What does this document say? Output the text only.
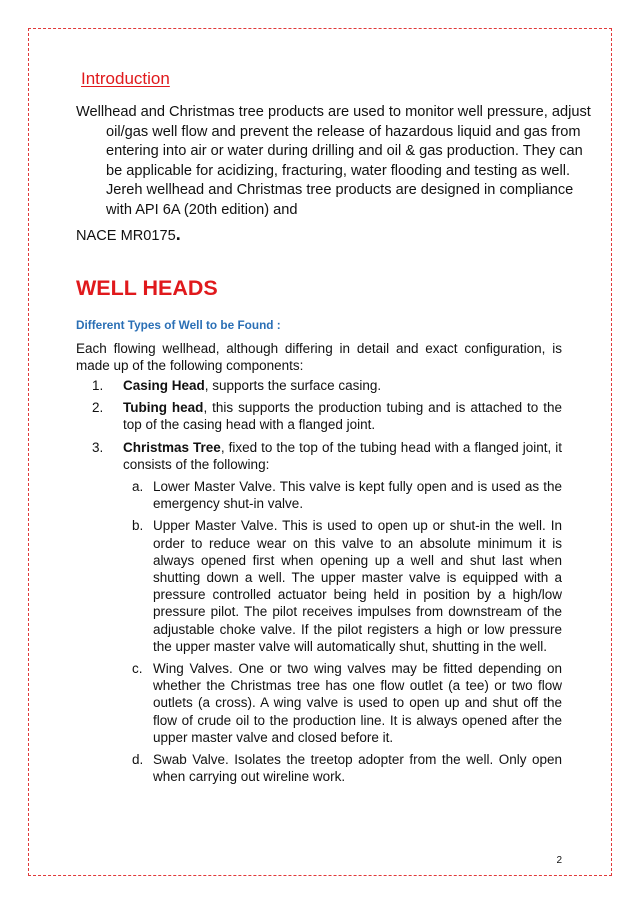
Introduction
Wellhead and Christmas tree products are used to monitor well pressure, adjust oil/gas well flow and prevent the release of hazardous liquid and gas from entering into air or water during drilling and oil & gas production. They can be applicable for acidizing, fracturing, water flooding and testing as well. Jereh wellhead and Christmas tree products are designed in compliance with API 6A (20th edition) and
NACE MR0175.
WELL HEADS
Different Types of Well to be Found :
Each flowing wellhead, although differing in detail and exact configuration, is made up of the following components:
1. Casing Head, supports the surface casing.
2. Tubing head, this supports the production tubing and is attached to the top of the casing head with a flanged joint.
3. Christmas Tree, fixed to the top of the tubing head with a flanged joint, it consists of the following:
a. Lower Master Valve. This valve is kept fully open and is used as the emergency shut-in valve.
b. Upper Master Valve. This is used to open up or shut-in the well. In order to reduce wear on this valve to an absolute minimum it is always opened first when opening up a well and shut last when shutting down a well. The upper master valve is equipped with a pressure controlled actuator being held in position by a high/low pressure pilot. The pilot receives impulses from downstream of the adjustable choke valve. If the pilot registers a high or low pressure the upper master valve will automatically shut, shutting in the well.
c. Wing Valves. One or two wing valves may be fitted depending on whether the Christmas tree has one flow outlet (a tee) or two flow outlets (a cross). A wing valve is used to open up and shut off the flow of crude oil to the production line. It is always opened after the upper master valve and closed before it.
d. Swab Valve. Isolates the treetop adopter from the well. Only open when carrying out wireline work.
2
